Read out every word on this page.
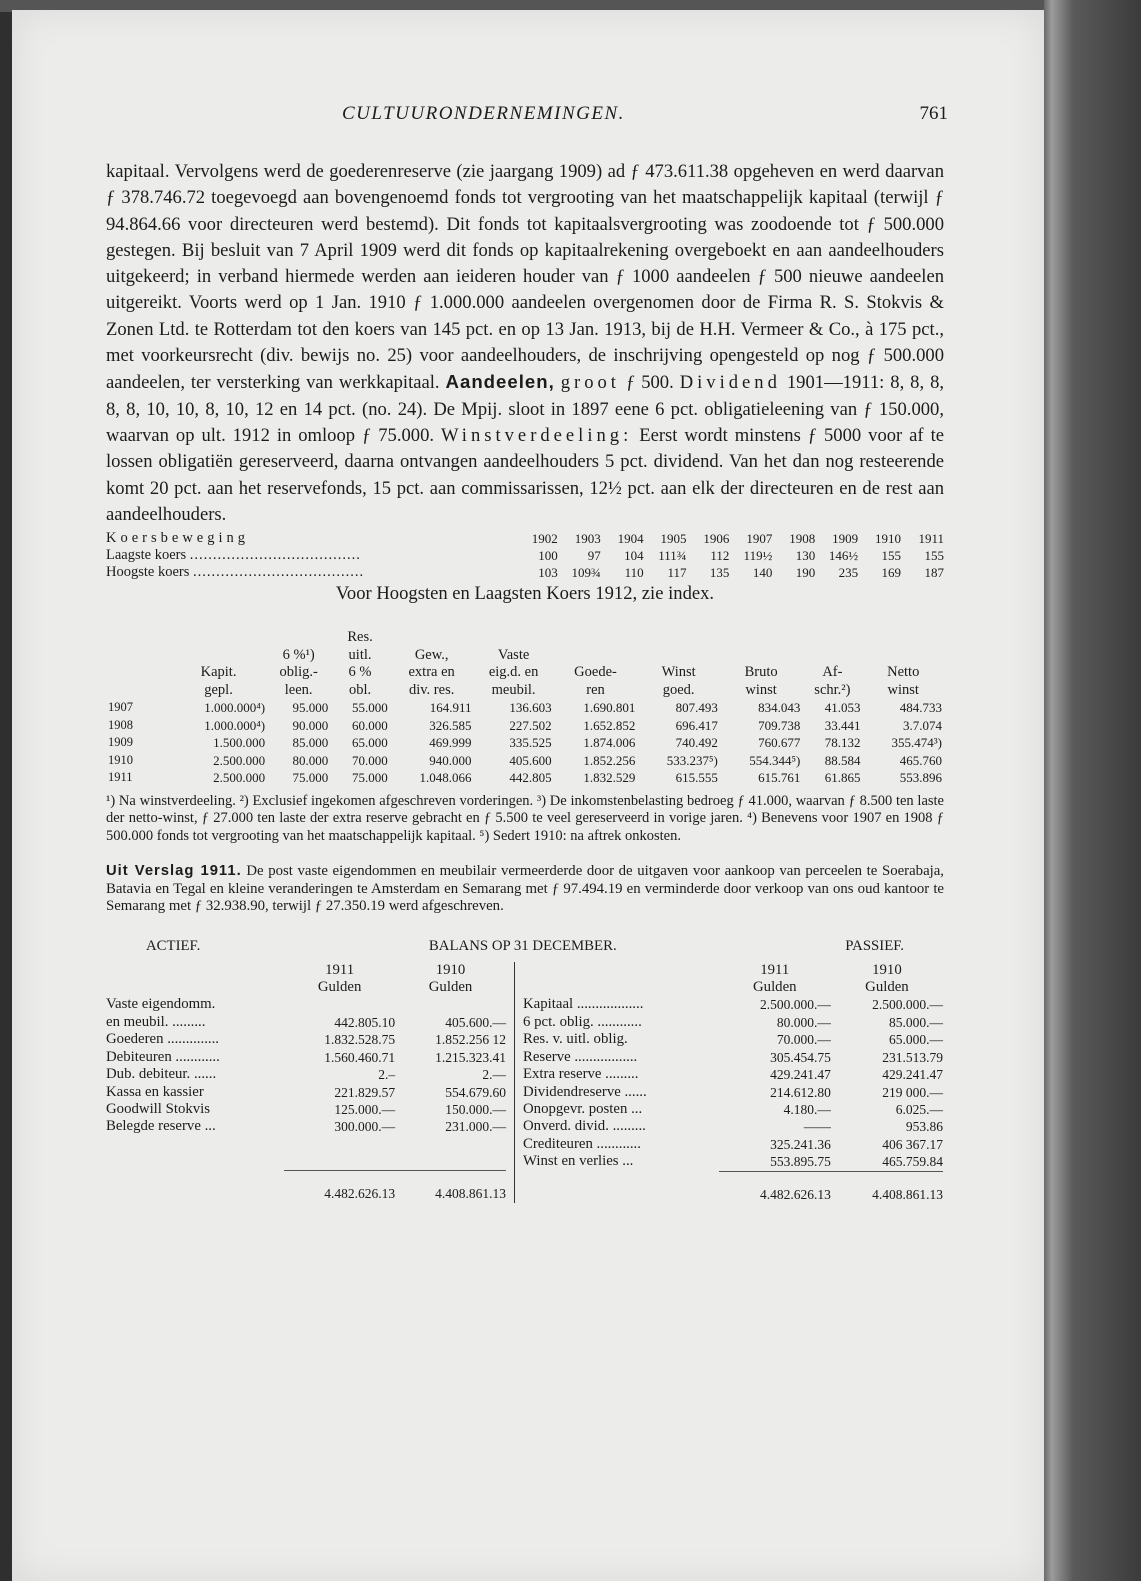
CULTUURONDERNEMINGEN.	761
kapitaal. Vervolgens werd de goederenreserve (zie jaargang 1909) ad ƒ 473.611.38 opgeheven en werd daarvan ƒ 378.746.72 toegevoegd aan bovengenoemd fonds tot vergrooting van het maatschappelijk kapitaal (terwijl ƒ 94.864.66 voor directeuren werd bestemd). Dit fonds tot kapitaalsvergrooting was zoodoende tot ƒ 500.000 gestegen. Bij besluit van 7 April 1909 werd dit fonds op kapitaalrekening overgeboekt en aan aandeelhouders uitgekeerd; in verband hiermede werden aan ieideren houder van ƒ 1000 aandeelen ƒ 500 nieuwe aandeelen uitgereikt. Voorts werd op 1 Jan. 1910 ƒ 1.000.000 aandeelen overgenomen door de Firma R. S. Stokvis & Zonen Ltd. te Rotterdam tot den koers van 145 pct. en op 13 Jan. 1913, bij de H.H. Vermeer & Co., à 175 pct., met voorkeursrecht (div. bewijs no. 25) voor aandeelhouders, de inschrijving opengesteld op nog ƒ 500.000 aandeelen, ter versterking van werkkapitaal. Aandeelen, groot ƒ 500. Dividend 1901—1911: 8, 8, 8, 8, 8, 10, 10, 8, 10, 12 en 14 pct. (no. 24). De Mpij. sloot in 1897 eene 6 pct. obligatieleening van ƒ 150.000, waarvan op ult. 1912 in omloop ƒ 75.000. Winstverdeeling: Eerst wordt minstens ƒ 5000 voor af te lossen obligatiën gereserveerd, daarna ontvangen aandeelhouders 5 pct. dividend. Van het dan nog resteerende komt 20 pct. aan het reservefonds, 15 pct. aan commissarissen, 12½ pct. aan elk der directeuren en de rest aan aandeelhouders.
Koersbeweging	1902	1903	1904	1905	1906	1907	1908	1909	1910	1911
Laagste koers .....................................	100	97	104	111¾	112	119½	130	146½	155	155
Hoogste koers .....................................	103	109¾	110	117	135	140	190	235	169	187
Voor Hoogsten en Laagsten Koers 1912, zie index.
			Res.							
		6 %¹)	uitl.	Gew.,	Vaste					
	Kapit.	oblig.-	6 %	extra en	eig.d. en	Goede-	Winst	Bruto	Af-	Netto
	gepl.	leen.	obl.	div. res.	meubil.	ren	goed.	winst	schr.²)	winst
1907	1.000.000⁴)	95.000	55.000	164.911	136.603	1.690.801	807.493	834.043	41.053	484.733
1908	1.000.000⁴)	90.000	60.000	326.585	227.502	1.652.852	696.417	709.738	33.441	3.7.074
1909	1.500.000	85.000	65.000	469.999	335.525	1.874.006	740.492	760.677	78.132	355.474³)
1910	2.500.000	80.000	70.000	940.000	405.600	1.852.256	533.237⁵)	554.344⁵)	88.584	465.760
1911	2.500.000	75.000	75.000	1.048.066	442.805	1.832.529	615.555	615.761	61.865	553.896
¹) Na winstverdeeling. ²) Exclusief ingekomen afgeschreven vorderingen. ³) De inkomstenbelasting bedroeg ƒ 41.000, waarvan ƒ 8.500 ten laste der netto-winst, ƒ 27.000 ten laste der extra reserve gebracht en ƒ 5.500 te veel gereserveerd in vorige jaren. ⁴) Benevens voor 1907 en 1908 ƒ 500.000 fonds tot vergrooting van het maatschappelijk kapitaal. ⁵) Sedert 1910: na aftrek onkosten.
Uit Verslag 1911. De post vaste eigendommen en meubilair vermeerderde door de uitgaven voor aankoop van perceelen te Soerabaja, Batavia en Tegal en kleine veranderingen te Amsterdam en Semarang met ƒ 97.494.19 en verminderde door verkoop van ons oud kantoor te Semarang met ƒ 32.938.90, terwijl ƒ 27.350.19 werd afgeschreven.
ACTIEF.	BALANS OP 31 DECEMBER.	PASSIEF.
	1911	1910
	Gulden	Gulden
Vaste eigendomm.		
en meubil. .........	442.805.10	405.600.—
Goederen ..............	1.832.528.75	1.852.256 12
Debiteuren ............	1.560.460.71	1.215.323.41
Dub. debiteur. ......	2.–	2.—
Kassa en kassier	221.829.57	554.679.60
Goodwill Stokvis	125.000.—	150.000.—
Belegde reserve ...	300.000.—	231.000.—

	4.482.626.13	4.408.861.13
	1911	1910
	Gulden	Gulden
Kapitaal ..................	2.500.000.—	2.500.000.—
6 pct. oblig. ............	80.000.—	85.000.—
Res. v. uitl. oblig.	70.000.—	65.000.—
Reserve .................	305.454.75	231.513.79
Extra reserve .........	429.241.47	429.241.47
Dividendreserve ......	214.612.80	219 000.—
Onopgevr. posten ...	4.180.—	6.025.—
Onverd. divid. .........	——	953.86
Crediteuren ............	325.241.36	406 367.17
Winst en verlies ...	553.895.75	465.759.84

	4.482.626.13	4.408.861.13
